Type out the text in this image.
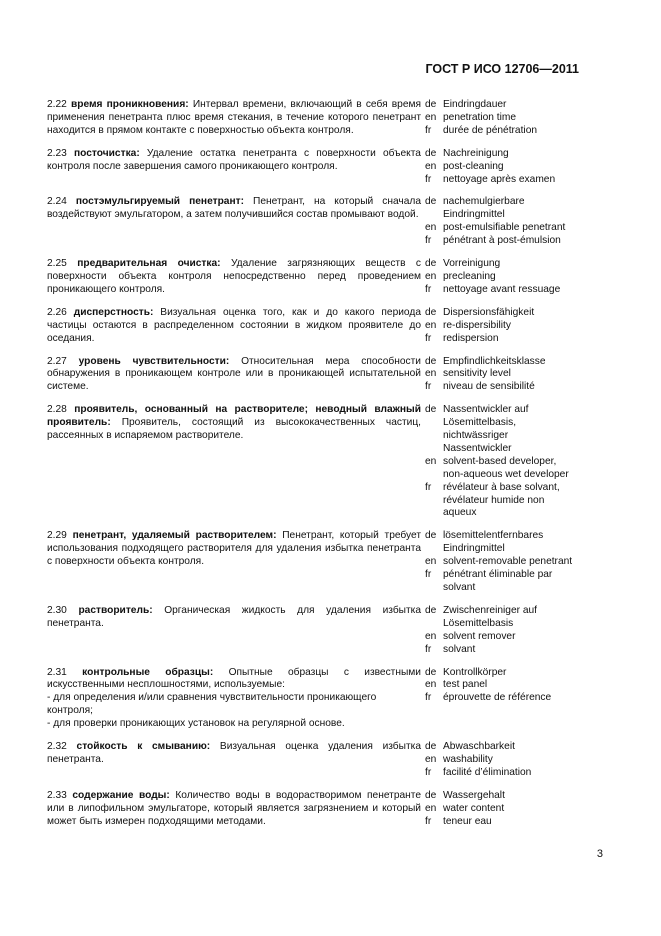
ГОСТ Р ИСО 12706—2011
2.22 время проникновения: Интервал времени, включающий в себя время применения пенетранта плюс время стекания, в течение которого пенетрант находится в прямом контакте с поверхностью объекта контроля.
de Eindringdauer
en penetration time
fr	durée de pénétration
2.23 посточистка: Удаление остатка пенетранта с поверхности объекта контроля после завершения самого проникающего контроля.
de Nachreinigung
en post-cleaning
fr	nettoyage après examen
2.24 постэмульгируемый пенетрант: Пенетрант, на который сначала воздействуют эмульгатором, а затем получившийся состав промывают водой.
de nachemulgierbare Eindringmittel
en post-emulsifiable penetrant
fr	pénétrant à post-émulsion
2.25 предварительная очистка: Удаление загрязняющих веществ с поверхности объекта контроля непосредственно перед проведением проникающего контроля.
de Vorreinigung
en precleaning
fr	nettoyage avant ressuage
2.26 дисперстность: Визуальная оценка того, как и до какого периода частицы остаются в распределенном состоянии в жидком проявителе до оседания.
de Dispersionsfähigkeit
en re-dispersibility
fr	redispersion
2.27 уровень чувствительности: Относительная мера способности обнаружения в проникающем контроле или в проникающей испытательной системе.
de Empfindlichkeitsklasse
en sensitivity level
fr	niveau de sensibilité
2.28 проявитель, основанный на растворителе; неводный влажный проявитель: Проявитель, состоящий из высококачественных частиц, рассеянных в испаряемом растворителе.
de Nassentwickler auf Lösemittelbasis, nichtwässriger Nassentwickler
en solvent-based developer, non-aqueous wet developer
fr	révélateur à base solvant, révélateur humide non aqueux
2.29 пенетрант, удаляемый растворителем: Пенетрант, который требует использования подходящего растворителя для удаления избытка пенетранта с поверхности объекта контроля.
de lösemittelentfernbares Eindringmittel
en solvent-removable penetrant
fr	pénétrant éliminable par solvant
2.30 растворитель: Органическая жидкость для удаления избытка пенетранта.
de Zwischenreiniger auf Lösemittelbasis
en solvent remover
fr	solvant
2.31 контрольные образцы: Опытные образцы с известными искусственными несплошностями, используемые:
- для определения и/или сравнения чувствительности проникающего контроля;
- для проверки проникающих установок на регулярной основе.
de Kontrollkörper
en test panel
fr	éprouvette de référence
2.32 стойкость к смыванию: Визуальная оценка удаления избытка пенетранта.
de Abwaschbarkeit
en washability
fr	facilité d’élimination
2.33 содержание воды: Количество воды в водорастворимом пенетранте или в липофильном эмульгаторе, который является загрязнением и который может быть измерен подходящими методами.
de Wassergehalt
en water content
fr	teneur eau
3
